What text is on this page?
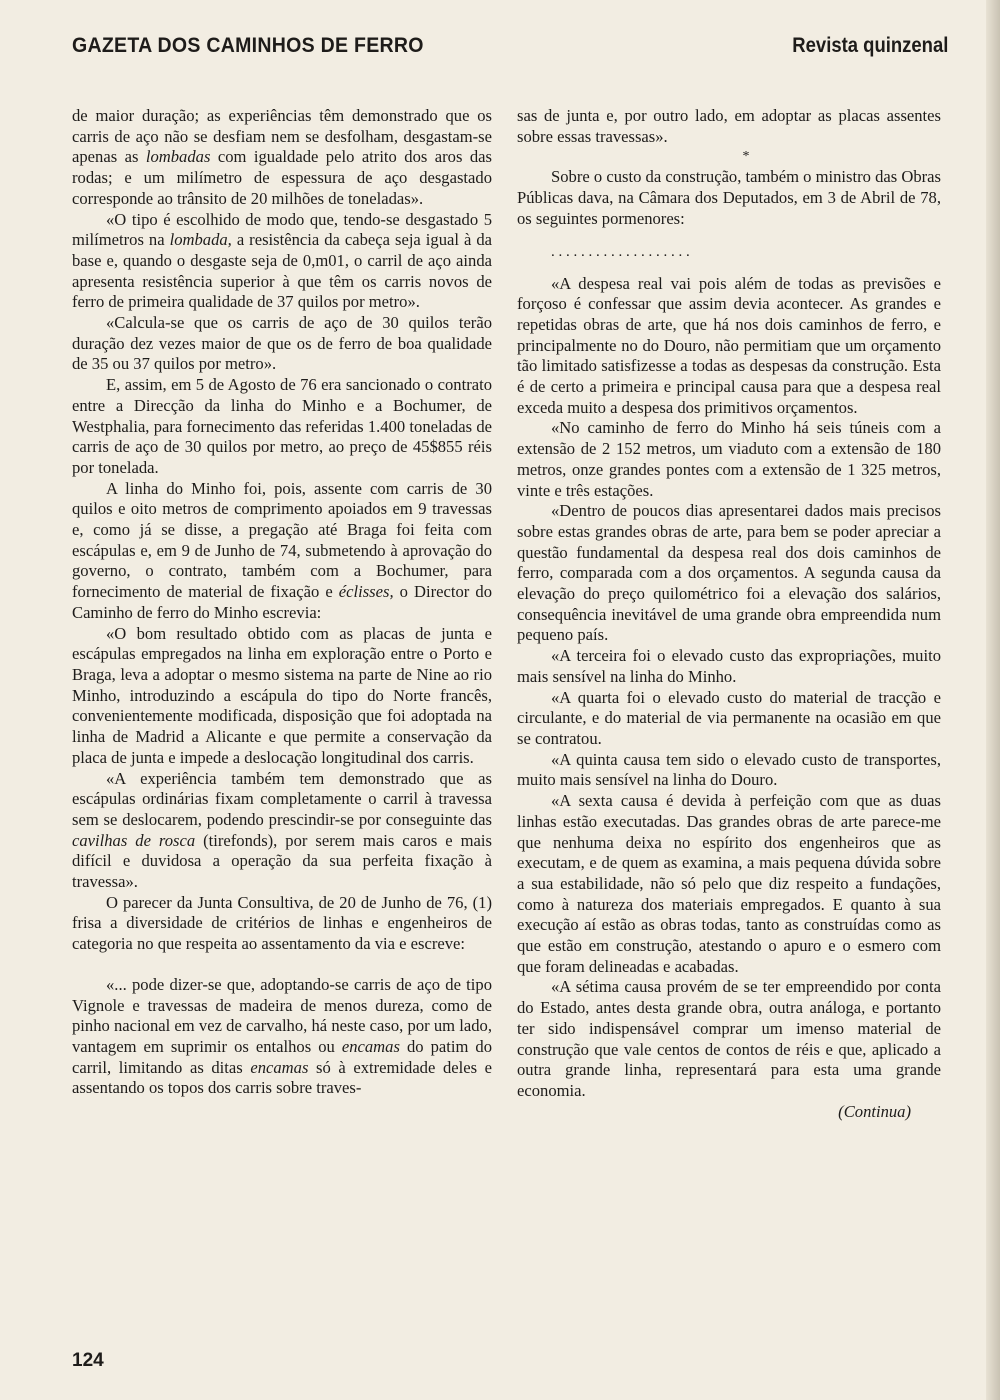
GAZETA DOS CAMINHOS DE FERRO	Revista quinzenal

de maior duração; as experiências têm demonstrado que os carris de aço não se desfiam nem se desfolham, desgastam-se apenas as lombadas com igualdade pelo atrito dos aros das rodas; e um milímetro de espessura de aço desgastado corresponde ao trânsito de 20 milhões de toneladas».

«O tipo é escolhido de modo que, tendo-se desgastado 5 milímetros na lombada, a resistência da cabeça seja igual à da base e, quando o desgaste seja de 0,m01, o carril de aço ainda apresenta resistência superior à que têm os carris novos de ferro de primeira qualidade de 37 quilos por metro».

«Calcula-se que os carris de aço de 30 quilos terão duração dez vezes maior de que os de ferro de boa qualidade de 35 ou 37 quilos por metro».

E, assim, em 5 de Agosto de 76 era sancionado o contrato entre a Direcção da linha do Minho e a Bochumer, de Westphalia, para fornecimento das referidas 1.400 toneladas de carris de aço de 30 quilos por metro, ao preço de 45$855 réis por tonelada.

A linha do Minho foi, pois, assente com carris de 30 quilos e oito metros de comprimento apoiados em 9 travessas e, como já se disse, a pregação até Braga foi feita com escápulas e, em 9 de Junho de 74, submetendo à aprovação do governo, o contrato, também com a Bochumer, para fornecimento de material de fixação e éclisses, o Director do Caminho de ferro do Minho escrevia:

«O bom resultado obtido com as placas de junta e escápulas empregados na linha em exploração entre o Porto e Braga, leva a adoptar o mesmo sistema na parte de Nine ao rio Minho, introduzindo a escápula do tipo do Norte francês, convenientemente modificada, disposição que foi adoptada na linha de Madrid a Alicante e que permite a conservação da placa de junta e impede a deslocação longitudinal dos carris.

«A experiência também tem demonstrado que as escápulas ordinárias fixam completamente o carril à travessa sem se deslocarem, podendo prescindir-se por conseguinte das cavilhas de rosca (tirefonds), por serem mais caros e mais difícil e duvidosa a operação da sua perfeita fixação à travessa».

O parecer da Junta Consultiva, de 20 de Junho de 76, (1) frisa a diversidade de critérios de linhas e engenheiros de categoria no que respeita ao assentamento da via e escreve:

«... pode dizer-se que, adoptando-se carris de aço de tipo Vignole e travessas de madeira de menos dureza, como de pinho nacional em vez de carvalho, há neste caso, por um lado, vantagem em suprimir os entalhos ou encamas do patim do carril, limitando as ditas encamas só à extremidade deles e assentando os topos dos carris sobre traves-

sas de junta e, por outro lado, em adoptar as placas assentes sobre essas travessas».

*

Sobre o custo da construção, também o ministro das Obras Públicas dava, na Câmara dos Deputados, em 3 de Abril de 78, os seguintes pormenores:

. . . . . . . . . . . . . . . . . . .

«A despesa real vai pois além de todas as previsões e forçoso é confessar que assim devia acontecer. As grandes e repetidas obras de arte, que há nos dois caminhos de ferro, e principalmente no do Douro, não permitiam que um orçamento tão limitado satisfizesse a todas as despesas da construção. Esta é de certo a primeira e principal causa para que a despesa real exceda muito a despesa dos primitivos orçamentos.

«No caminho de ferro do Minho há seis túneis com a extensão de 2 152 metros, um viaduto com a extensão de 180 metros, onze grandes pontes com a extensão de 1 325 metros, vinte e três estações.

«Dentro de poucos dias apresentarei dados mais precisos sobre estas grandes obras de arte, para bem se poder apreciar a questão fundamental da despesa real dos dois caminhos de ferro, comparada com a dos orçamentos. A segunda causa da elevação do preço quilométrico foi a elevação dos salários, consequência inevitável de uma grande obra empreendida num pequeno país.

«A terceira foi o elevado custo das expropriações, muito mais sensível na linha do Minho.

«A quarta foi o elevado custo do material de tracção e circulante, e do material de via permanente na ocasião em que se contratou.

«A quinta causa tem sido o elevado custo de transportes, muito mais sensível na linha do Douro.

«A sexta causa é devida à perfeição com que as duas linhas estão executadas. Das grandes obras de arte parece-me que nenhuma deixa no espírito dos engenheiros que as executam, e de quem as examina, a mais pequena dúvida sobre a sua estabilidade, não só pelo que diz respeito a fundações, como à natureza dos materiais empregados. E quanto à sua execução aí estão as obras todas, tanto as construídas como as que estão em construção, atestando o apuro e o esmero com que foram delineadas e acabadas.

«A sétima causa provém de se ter empreendido por conta do Estado, antes desta grande obra, outra análoga, e portanto ter sido indispensável comprar um imenso material de construção que vale centos de contos de réis e que, aplicado a outra grande linha, representará para esta uma grande economia.

(Continua)

124
